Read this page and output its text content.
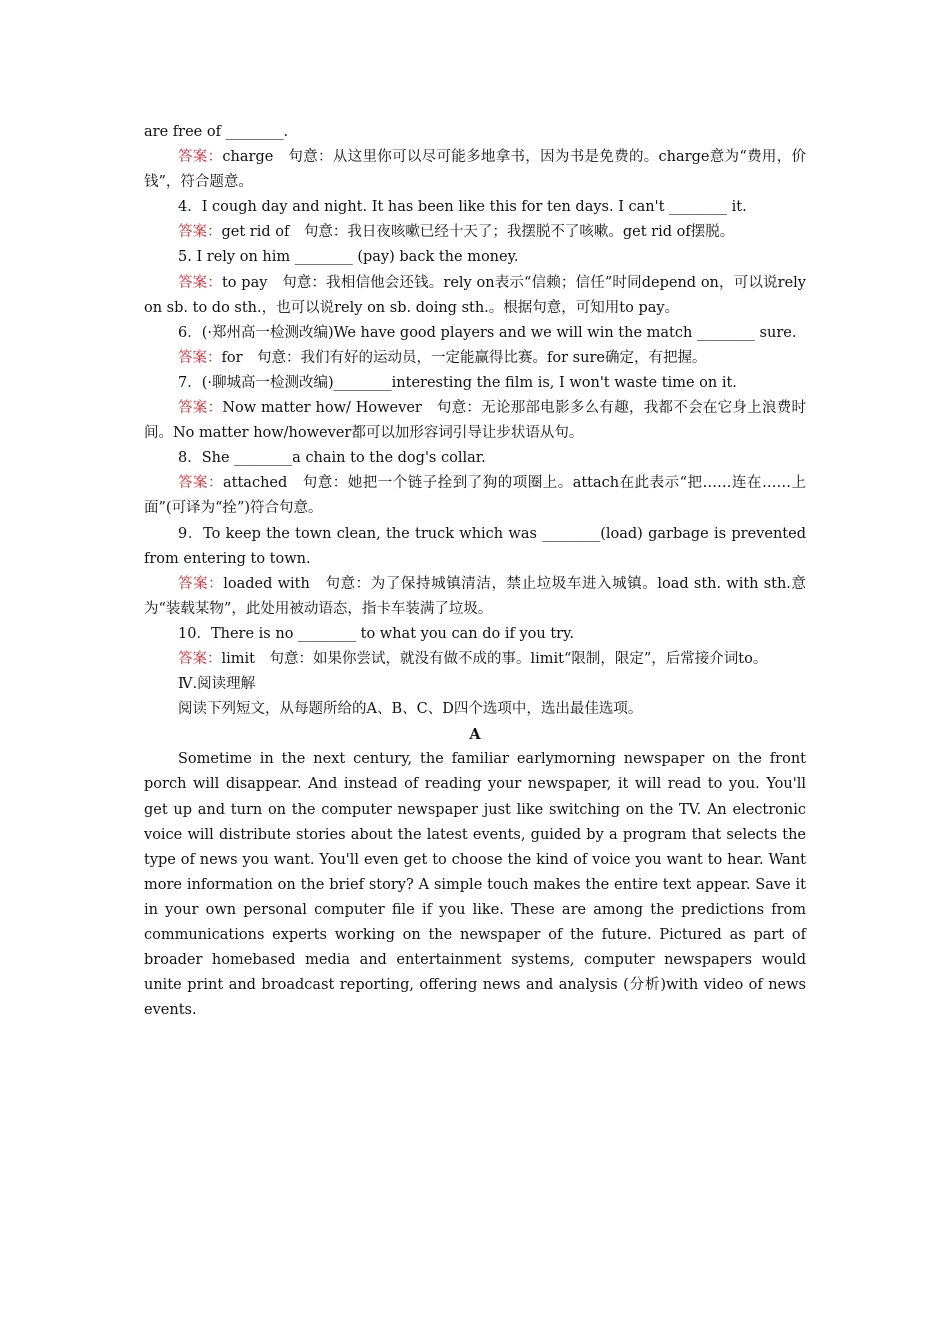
are free of ________.

答案：charge　句意：从这里你可以尽可能多地拿书，因为书是免费的。charge意为“费用，价钱”，符合题意。

4．I cough day and night. It has been like this for ten days. I can't ________ it.

答案：get rid of　句意：我日夜咳嗽已经十天了；我摆脱不了咳嗽。get rid of摆脱。

5. I rely on him ________ (pay) back the money.

答案：to pay　句意：我相信他会还钱。rely on表示“信赖；信任”时同depend on，可以说rely on sb. to do sth.，也可以说rely on sb. doing sth.。根据句意，可知用to pay。

6．(·郑州高一检测改编)We have good players and we will win the match ________ sure.

答案：for　句意：我们有好的运动员，一定能赢得比赛。for sure确定，有把握。

7．(·聊城高一检测改编)________interesting the film is, I won't waste time on it.

答案：Now matter how/ However　句意：无论那部电影多么有趣，我都不会在它身上浪费时间。No matter how/however都可以加形容词引导让步状语从句。

8．She ________a chain to the dog's collar.

答案：attached　句意：她把一个链子拴到了狗的项圈上。attach在此表示“把……连在……上面”(可译为“拴”)符合句意。

9．To keep the town clean, the truck which was ________(load) garbage is prevented from entering to town.

答案：loaded with　句意：为了保持城镇清洁，禁止垃圾车进入城镇。load sth. with sth.意为“装载某物”，此处用被动语态，指卡车装满了垃圾。

10．There is no ________ to what you can do if you try.

答案：limit　句意：如果你尝试，就没有做不成的事。limit“限制，限定”，后常接介词to。

Ⅳ.阅读理解

阅读下列短文，从每题所给的A、B、C、D四个选项中，选出最佳选项。

A

Sometime in the next century, the familiar earlymorning newspaper on the front porch will disappear. And instead of reading your newspaper, it will read to you. You'll get up and turn on the computer newspaper just like switching on the TV. An electronic voice will distribute stories about the latest events, guided by a program that selects the type of news you want. You'll even get to choose the kind of voice you want to hear. Want more information on the brief story? A simple touch makes the entire text appear. Save it in your own personal computer file if you like. These are among the predictions from communications experts working on the newspaper of the future. Pictured as part of broader homebased media and entertainment systems, computer newspapers would unite print and broadcast reporting, offering news and analysis (分析)with video of news events.
